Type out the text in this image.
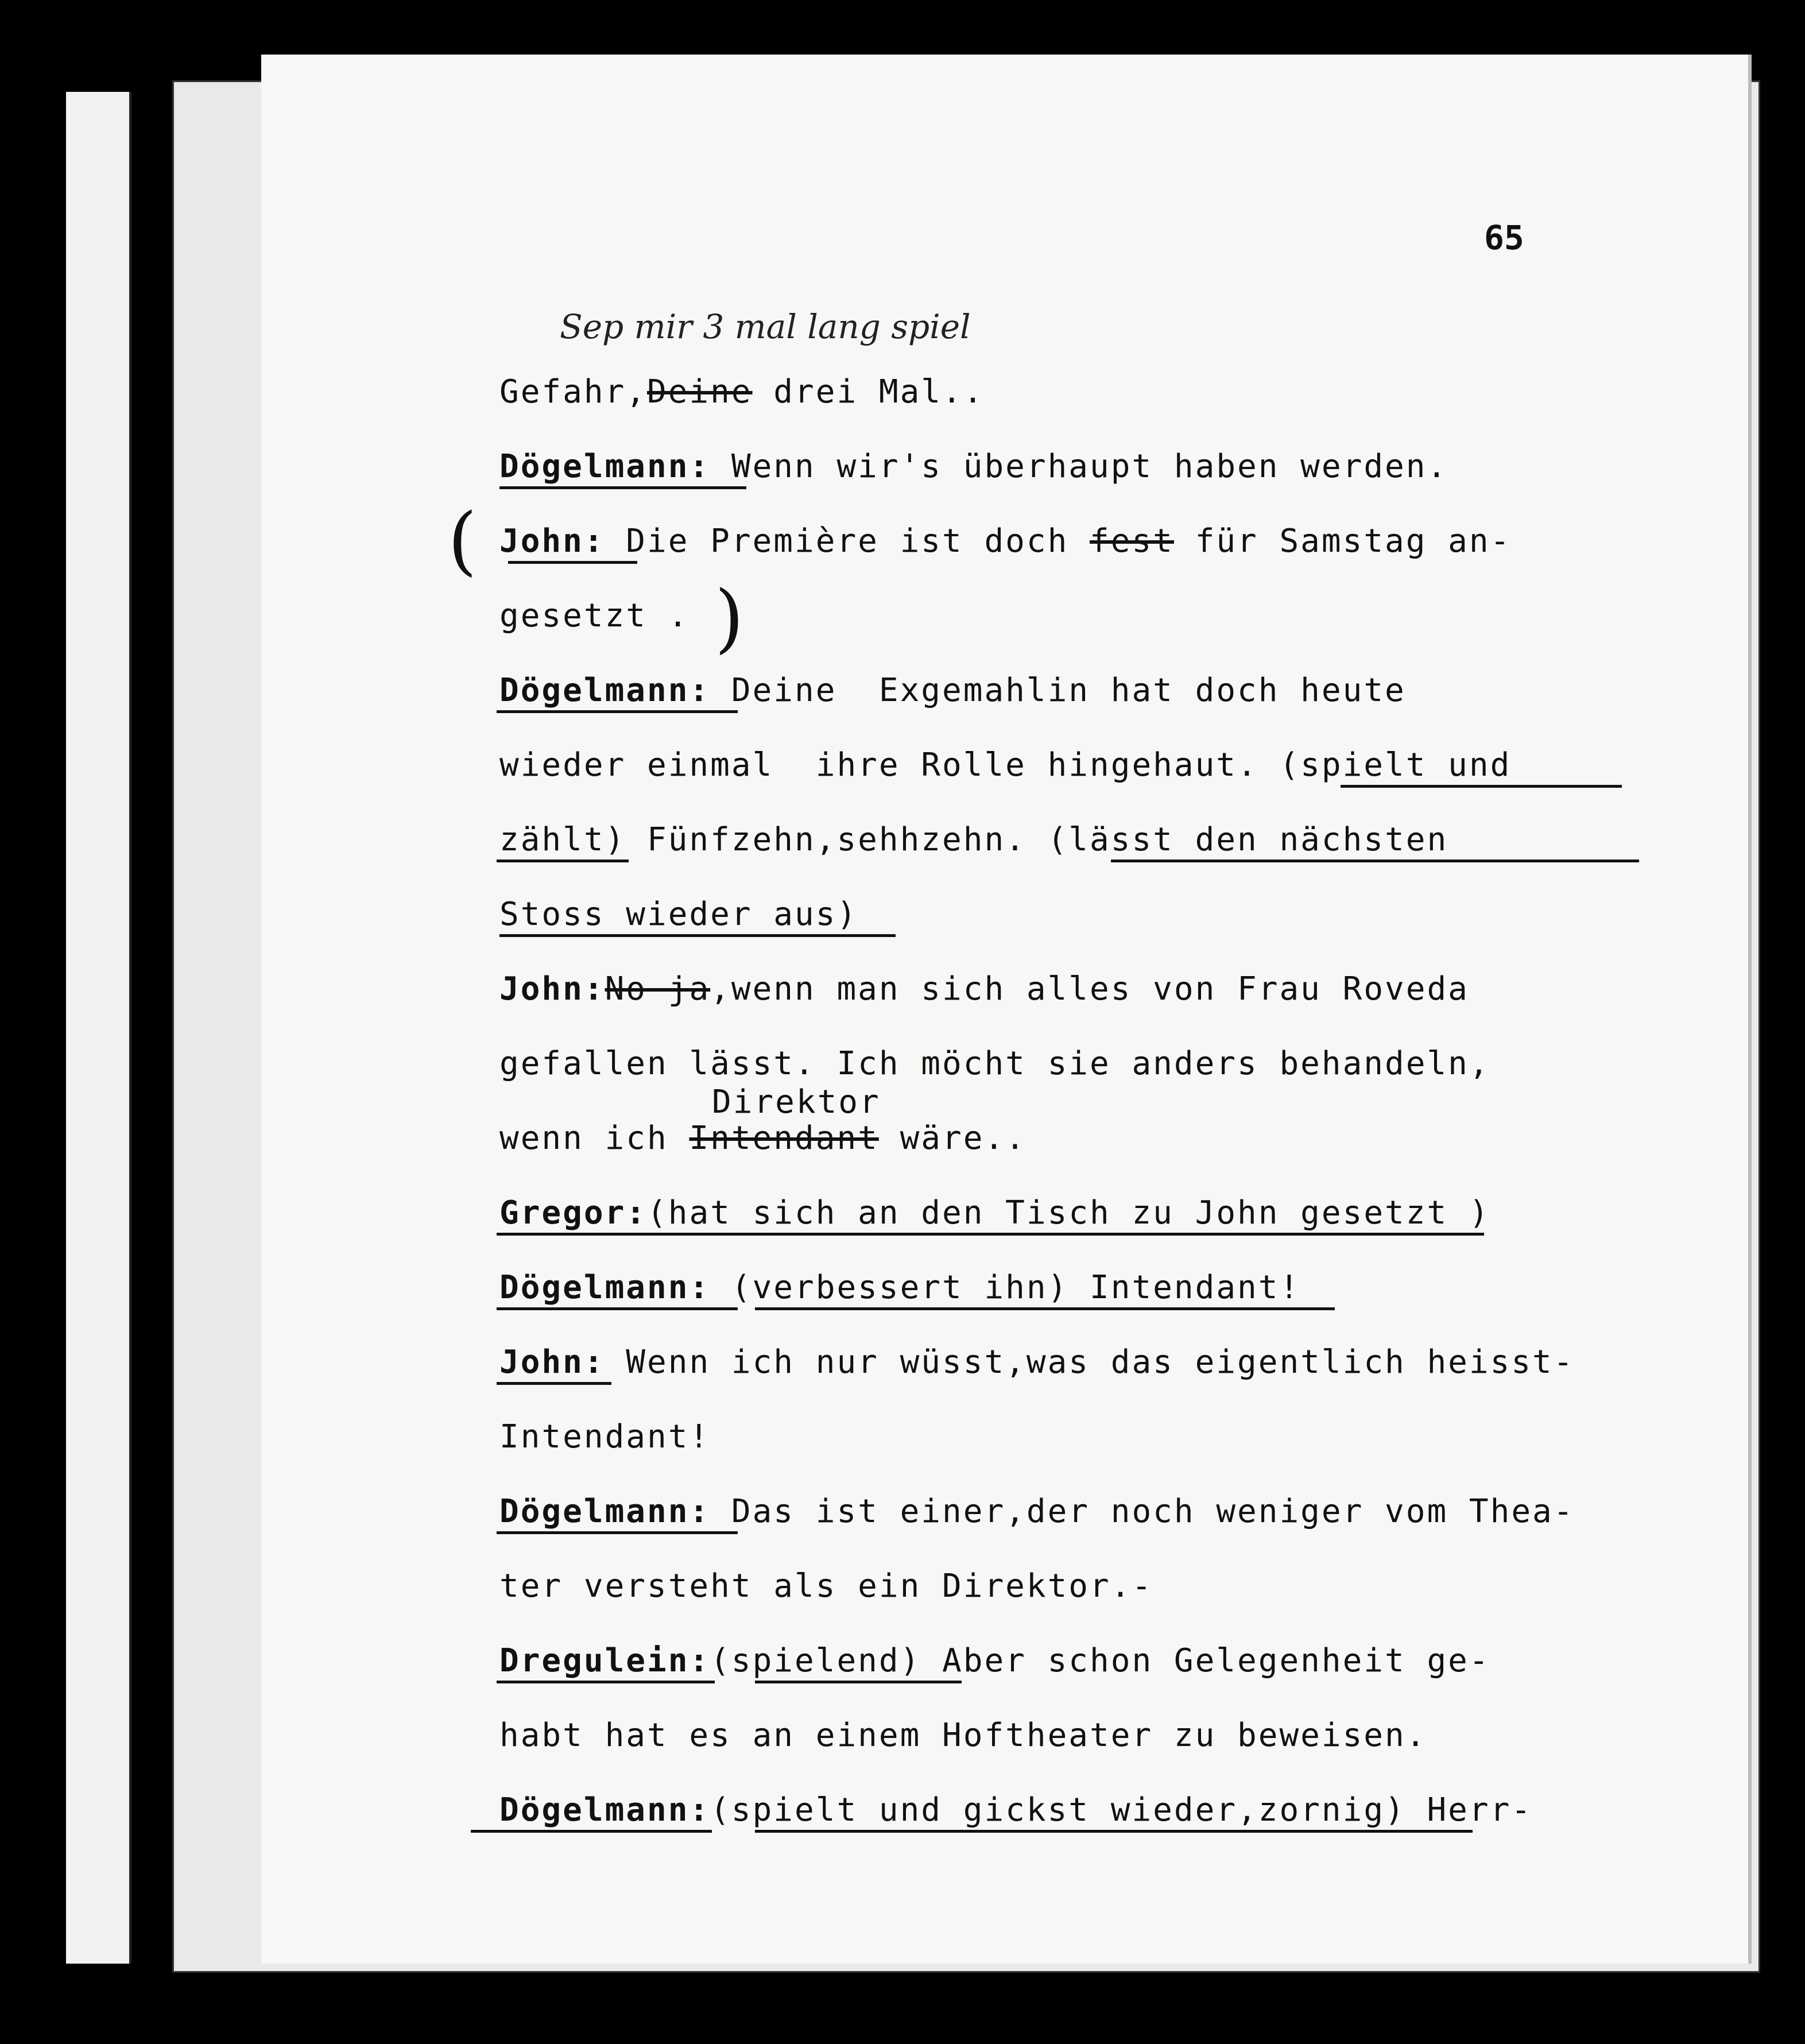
65
Sep mir 3 mal lang spiel
Gefahr,Deine drei Mal..
Dögelmann: Wenn wir's überhaupt haben werden.
( John: Die Première ist doch fest für Samstag an-
gesetzt . )
Dögelmann: Deine  Exgemahlin hat doch heute
wieder einmal  ihre Rolle hingehaut. (spielt und
zählt) Fünfzehn,sehhzehn. (lässt den nächsten
Stoss wieder aus)
John:No ja,wenn man sich alles von Frau Roveda
gefallen lässt. Ich möcht sie anders behandeln,
Direktor
wenn ich Intendant wäre..
Gregor:(hat sich an den Tisch zu John gesetzt )
Dögelmann: (verbessert ihn) Intendant!
John: Wenn ich nur wüsst,was das eigentlich heisst-
Intendant!
Dögelmann: Das ist einer,der noch weniger vom Thea-
ter versteht als ein Direktor.-
Dregulein:(spielend) Aber schon Gelegenheit ge-
habt hat es an einem Hoftheater zu beweisen.
Dögelmann:(spielt und gickst wieder,zornig) Herr-
